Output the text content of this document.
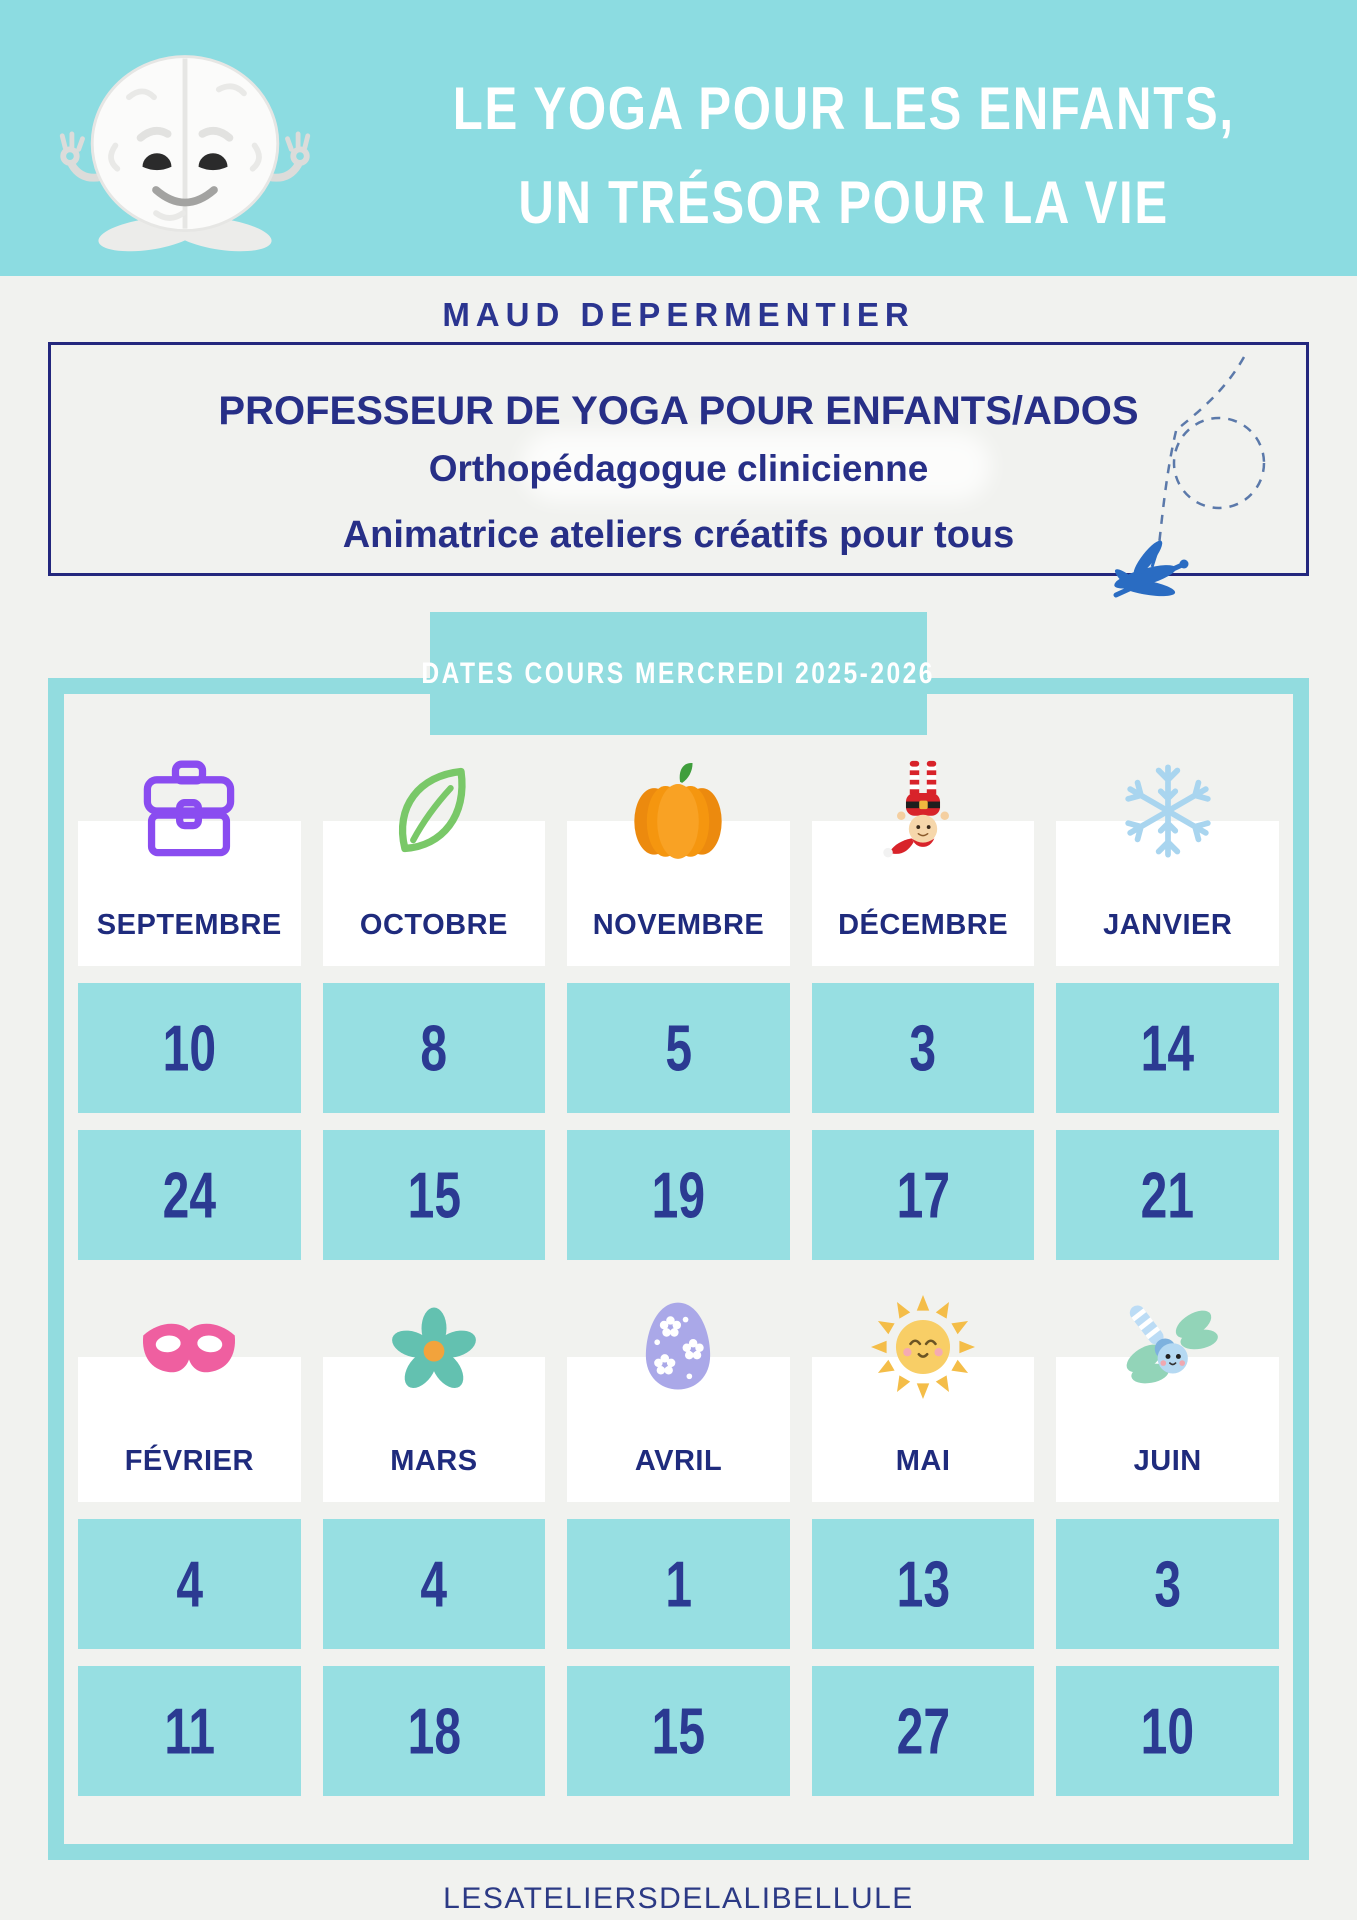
LE YOGA POUR LES ENFANTS,
UN TRÉSOR POUR LA VIE
MAUD DEPERMENTIER

PROFESSEUR DE YOGA POUR ENFANTS/ADOS

Orthopédagogue clinicienne

Animatrice ateliers créatifs pour tous

DATES COURS MERCREDI 2025-2026
SEPTEMBRE	OCTOBRE	NOVEMBRE	DÉCEMBRE	JANVIER
10	8	5	3	14
24	15	19	17	21
FÉVRIER	MARS	AVRIL	MAI	JUIN
4	4	1	13	3
11	18	15	27	10
LESATELIERSDELALIBELLULE
